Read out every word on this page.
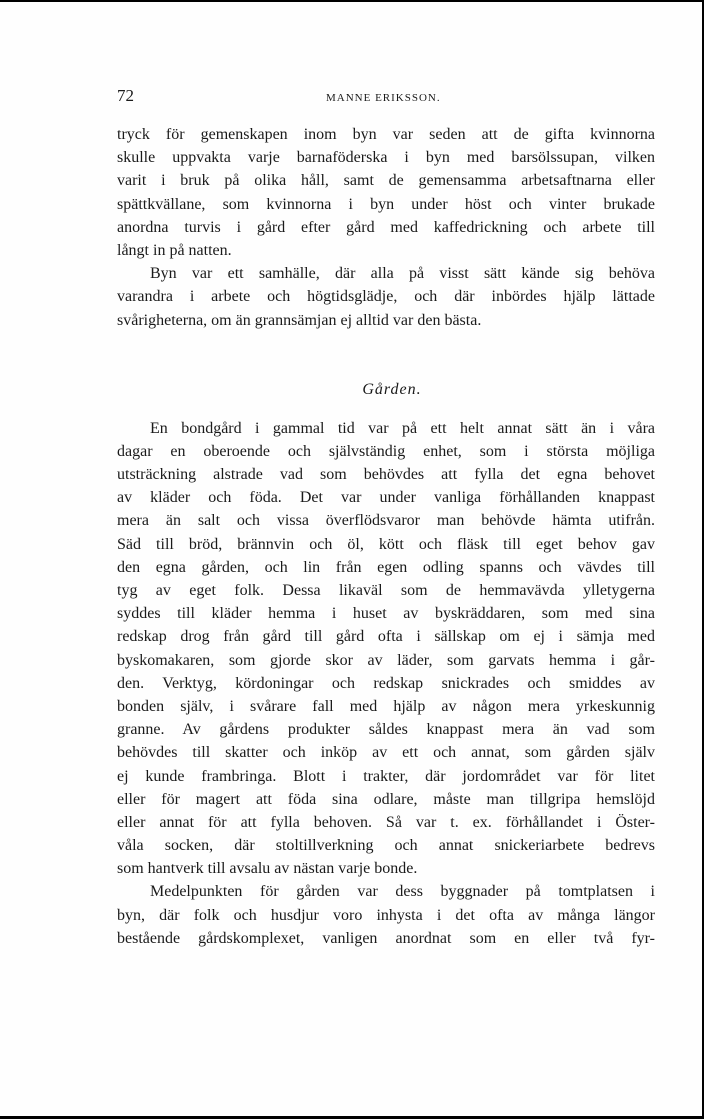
72	MANNE ERIKSSON.
tryck för gemenskapen inom byn var seden att de gifta kvinnorna
skulle uppvakta varje barnaföderska i byn med barsölssupan, vilken
varit i bruk på olika håll, samt de gemensamma arbetsaftnarna eller
spättkvällane, som kvinnorna i byn under höst och vinter brukade
anordna turvis i gård efter gård med kaffedrickning och arbete till
långt in på natten.
Byn var ett samhälle, där alla på visst sätt kände sig behöva
varandra i arbete och högtidsglädje, och där inbördes hjälp lättade
svårigheterna, om än grannsämjan ej alltid var den bästa.
Gården.
En bondgård i gammal tid var på ett helt annat sätt än i våra
dagar en oberoende och självständig enhet, som i största möjliga
utsträckning alstrade vad som behövdes att fylla det egna behovet
av kläder och föda. Det var under vanliga förhållanden knappast
mera än salt och vissa överflödsvaror man behövde hämta utifrån.
Säd till bröd, brännvin och öl, kött och fläsk till eget behov gav
den egna gården, och lin från egen odling spanns och vävdes till
tyg av eget folk. Dessa likaväl som de hemmavävda ylletygerna
syddes till kläder hemma i huset av byskräddaren, som med sina
redskap drog från gård till gård ofta i sällskap om ej i sämja med
byskomakaren, som gjorde skor av läder, som garvats hemma i går-
den. Verktyg, kördoningar och redskap snickrades och smiddes av
bonden själv, i svårare fall med hjälp av någon mera yrkeskunnig
granne. Av gårdens produkter såldes knappast mera än vad som
behövdes till skatter och inköp av ett och annat, som gården själv
ej kunde frambringa. Blott i trakter, där jordområdet var för litet
eller för magert att föda sina odlare, måste man tillgripa hemslöjd
eller annat för att fylla behoven. Så var t. ex. förhållandet i Öster-
våla socken, där stoltillverkning och annat snickeriarbete bedrevs
som hantverk till avsalu av nästan varje bonde.
Medelpunkten för gården var dess byggnader på tomtplatsen i
byn, där folk och husdjur voro inhysta i det ofta av många längor
bestående gårdskomplexet, vanligen anordnat som en eller två fyr-
